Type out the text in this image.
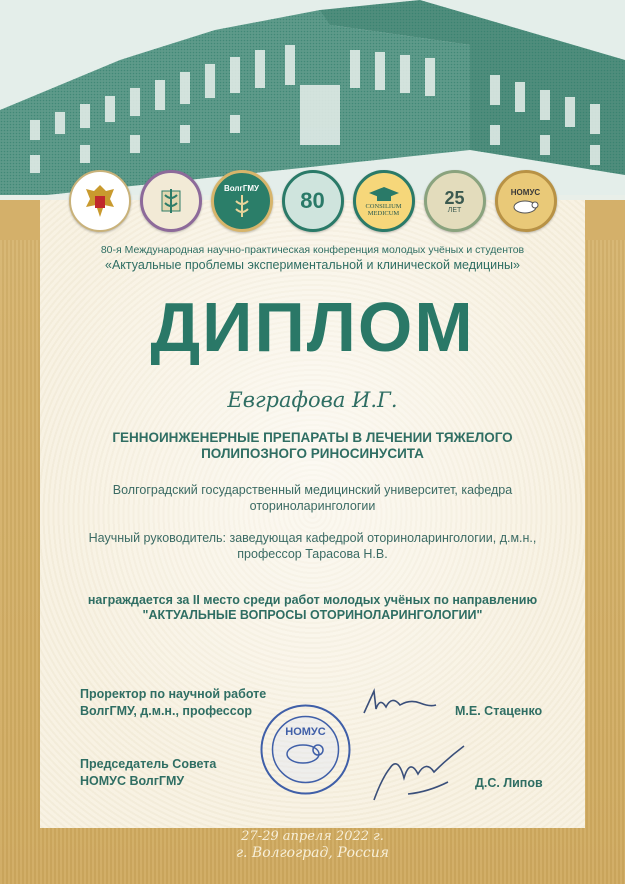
ВолгГМУ 80	CONSILIUM
MEDICUM
25
ЛЕТ
НОМУС
80-я Международная научно-практическая конференция молодых учёных и студентов
«Актуальные проблемы экспериментальной и клинической медицины»
ДИПЛОМ
Евграфова И.Г.
ГЕННОИНЖЕНЕРНЫЕ ПРЕПАРАТЫ В ЛЕЧЕНИИ ТЯЖЕЛОГО ПОЛИПОЗНОГО РИНОСИНУСИТА
Волгоградский государственный медицинский университет, кафедра оториноларингологии
Научный руководитель: заведующая кафедрой оториноларингологии, д.м.н., профессор Тарасова Н.В.
награждается за II место среди работ молодых учёных по направлению
"АКТУАЛЬНЫЕ ВОПРОСЫ ОТОРИНОЛАРИНГОЛОГИИ"
Проректор по научной работе
ВолгГМУ, д.м.н., профессор	М.Е. Стаценко
Председатель Совета
НОМУС ВолгГМУ	Д.С. Липов
НОМУС
27-29 апреля 2022 г.
г. Волгоград, Россия
